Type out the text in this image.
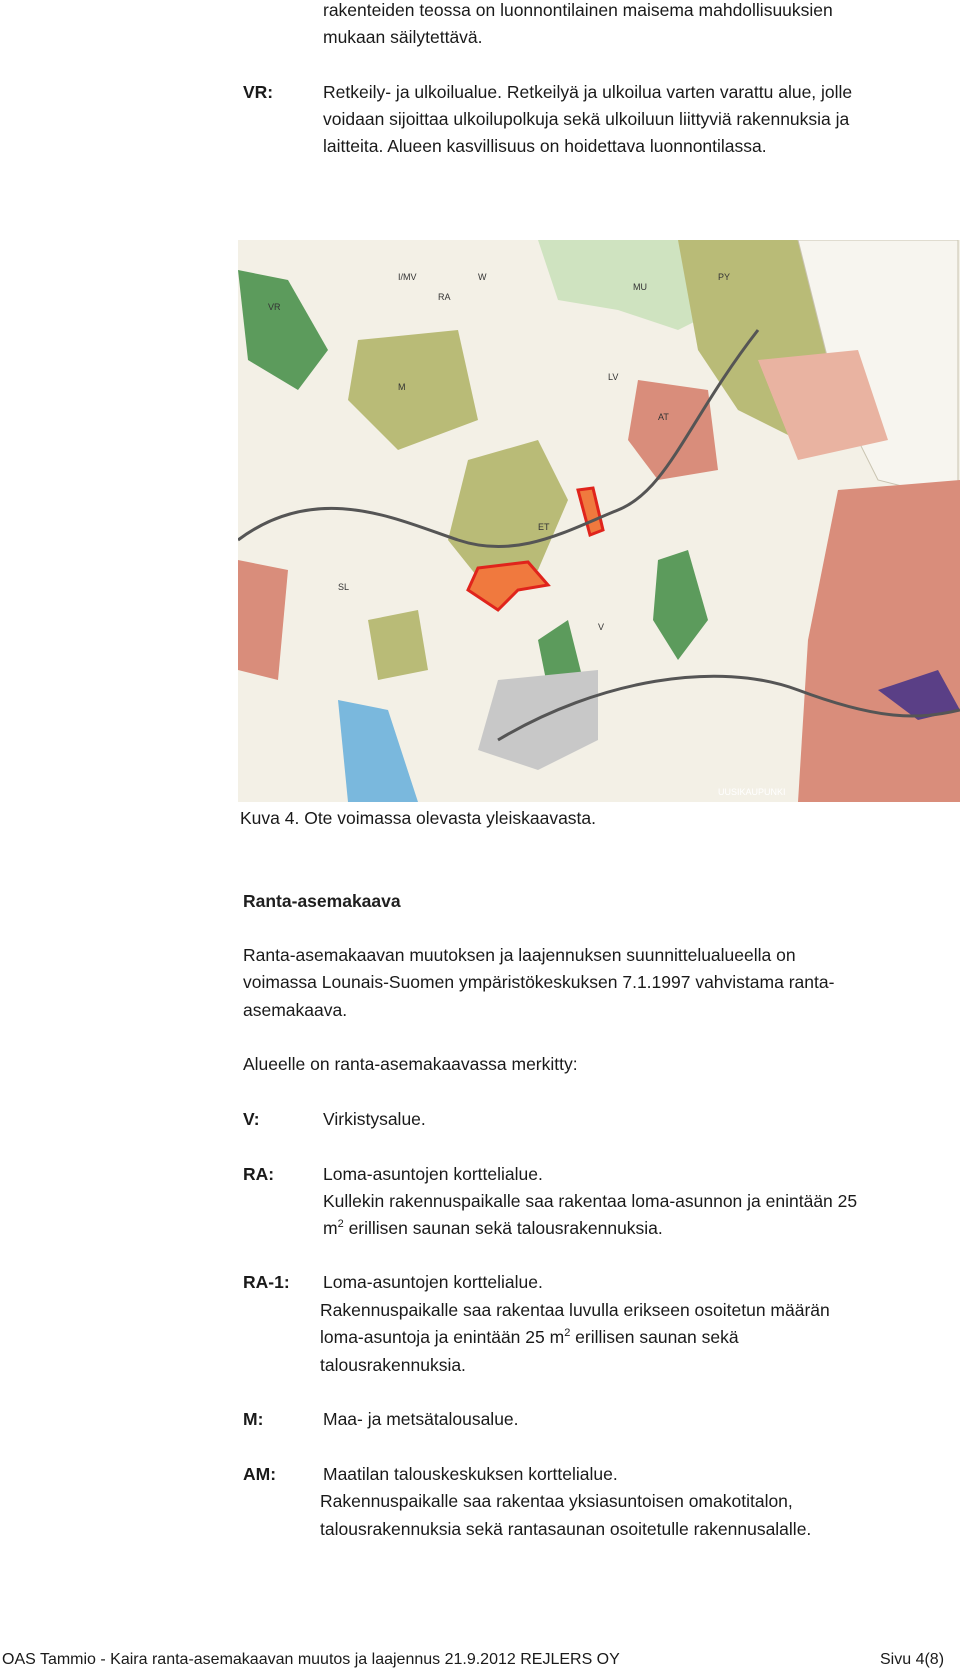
rakenteiden teossa on luonnontilainen maisema mahdollisuuksien
mukaan säilytettävä.
VR:	Retkeily- ja ulkoilualue. Retkeilyä ja ulkoilua varten varattu alue, jolle
voidaan sijoittaa ulkoilupolkuja sekä ulkoiluun liittyviä rakennuksia ja
laitteita. Alueen kasvillisuus on hoidettava luonnontilassa.
VR
M
RA
MU
AT
LV
ET
V
W
SL
PY
I/MV
UUSIKAUPUNKI
Kuva 4. Ote voimassa olevasta yleiskaavasta.
Ranta-asemakaava
Ranta-asemakaavan muutoksen ja laajennuksen suunnittelualueella on
voimassa Lounais-Suomen ympäristökeskuksen 7.1.1997 vahvistama ranta-
asemakaava.
Alueelle on ranta-asemakaavassa merkitty:
V:	Virkistysalue.
RA:	Loma-asuntojen korttelialue.
Kullekin rakennuspaikalle saa rakentaa loma-asunnon ja enintään 25
$m^2$ erillisen saunan sekä talousrakennuksia.
RA-1: Loma-asuntojen korttelialue.
Rakennuspaikalle saa rakentaa luvulla erikseen osoitetun määrän
loma-asuntoja ja enintään 25 $m^2$ erillisen saunan sekä
talousrakennuksia.
M:	Maa- ja metsätalousalue.
AM:	Maatilan talouskeskuksen korttelialue.
Rakennuspaikalle saa rakentaa yksiasuntoisen omakotitalon,
talousrakennuksia sekä rantasaunan osoitetulle rakennusalalle.
OAS Tammio - Kaira ranta-asemakaavan muutos ja laajennus 21.9.2012 REJLERS OY	Sivu 4(8)
